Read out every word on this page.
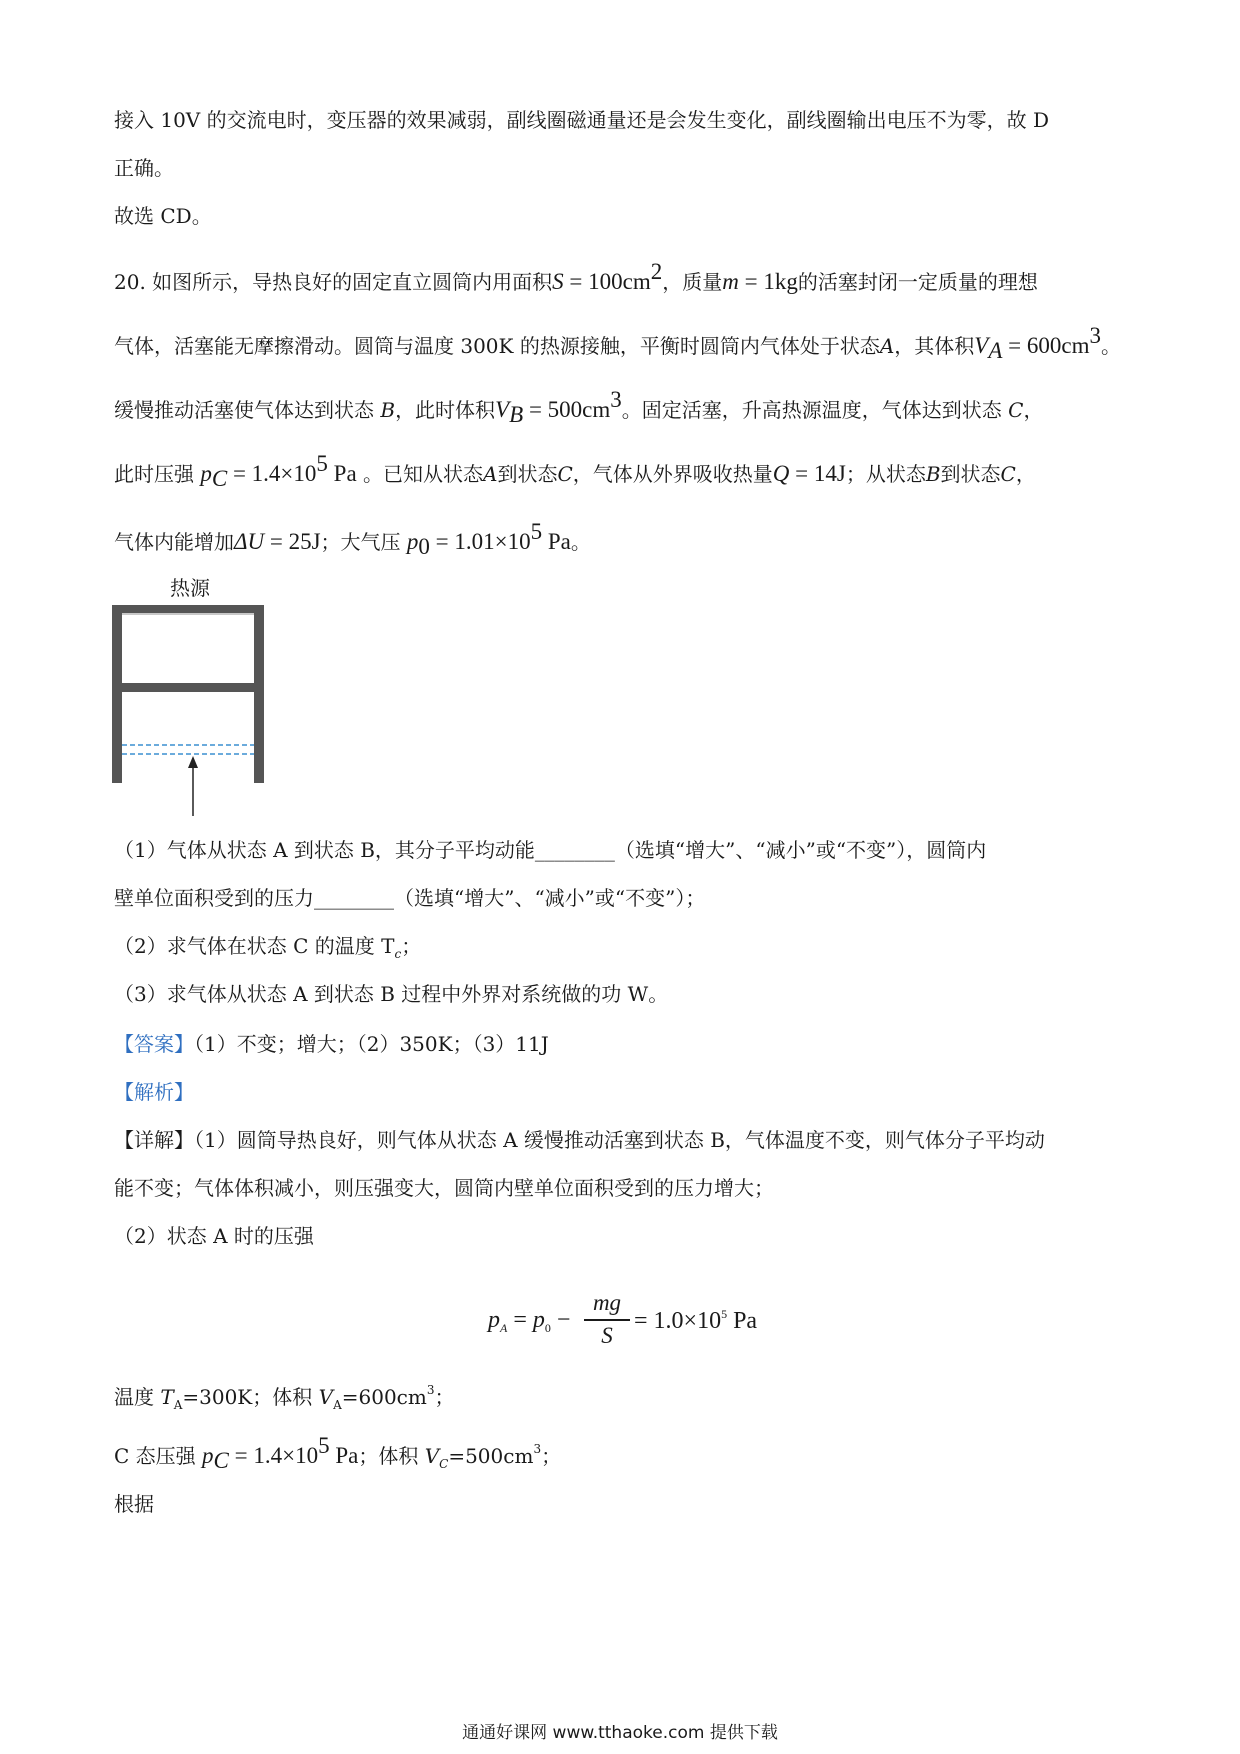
接入 10V 的交流电时，变压器的效果减弱，副线圈磁通量还是会发生变化，副线圈输出电压不为零，故 D
正确。
故选 CD。
20. 如图所示，导热良好的固定直立圆筒内用面积$S = 100cm^2$，质量m = 1kg的活塞封闭一定质量的理想
气体，活塞能无摩擦滑动。圆筒与温度 300K 的热源接触，平衡时圆筒内气体处于状态A，其体积$V_A = 600cm^3$。
缓慢推动活塞使气体达到状态 B，此时体积$V_B = 500cm^3$。固定活塞，升高热源温度，气体达到状态 C，
此时压强 $p_C = 1.4\times 10^5$ Pa 。已知从状态A到状态C，气体从外界吸收热量Q = 14J；从状态B到状态C，
气体内能增加ΔU = 25J；大气压 $p_0 = 1.01\times 10^5$ Pa。
热源
（1）气体从状态 A 到状态 B，其分子平均动能________（选填“增大”、“减小”或“不变”），圆筒内
壁单位面积受到的压力________（选填“增大”、“减小”或“不变”）；
（2）求气体在状态 C 的温度 $T_c$；
（3）求气体从状态 A 到状态 B 过程中外界对系统做的功 W。
【答案】（1）不变；增大；（2）350K；（3）11J
【解析】
【详解】（1）圆筒导热良好，则气体从状态 A 缓慢推动活塞到状态 B，气体温度不变，则气体分子平均动
能不变；气体体积减小，则压强变大，圆筒内壁单位面积受到的压力增大；
（2）状态 A 时的压强
$p_A = p_0$ −
mg
S
= $1.0\times 10^5$ Pa
温度 $T_A=300K$；体积 $V_A=600cm^3$；
C 态压强 $p_C = 1.4\times 10^5$ Pa；体积 $V_C=500cm^3$；
根据
通通好课网 www.tthaoke.com 提供下载
